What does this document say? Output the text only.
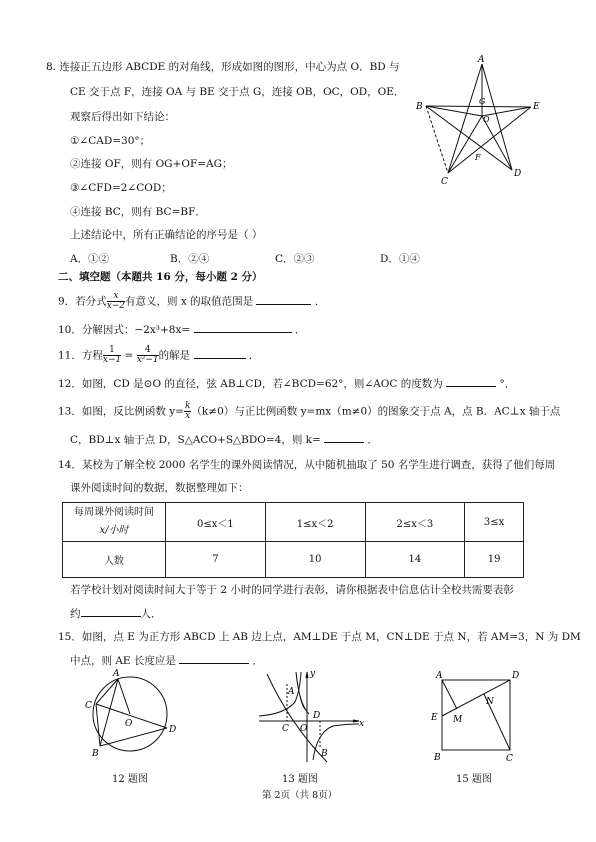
8. 连接正五边形 ABCDE 的对角线，形成如图的图形，中心为点 O．BD 与
CE 交于点 F，连接 OA 与 BE 交于点 G，连接 OB，OC，OD，OE．
观察后得出如下结论：
①∠CAD=30°；
②连接 OF，则有 OG+OF=AG；
③∠CFD=2∠COD；
④连接 BC，则有 BC=BF．
上述结论中，所有正确结论的序号是（ ）
A．①②	B．②④	C．②③	D．①④
A
E
B
C
D
G
O
F
二、填空题（本题共 16 分，每小题 2 分）
9．若分式 $\frac{x}{x-2}$ 有意义，则 x 的取值范围是	．
10．分解因式：−2x³+8x=	．
11．方程 $\frac{1}{x-1} = \frac{4}{\text{x²−1}}$ 的解是	．
12．如图，CD 是⊙O 的直径，弦 AB⊥CD，若∠BCD=62°，则∠AOC 的度数为	°．
13．如图，反比例函数 $y= \frac{k}{x} (k\ne 0)$与正比例函数 y=mx（m≠0）的图象交于点 A，点 B．AC⊥x 轴于点
C，BD⊥x 轴于点 D，S△ACO+S△BDO=4，则 k=	．
14．某校为了解全校 2000 名学生的课外阅读情况，从中随机抽取了 50 名学生进行调查，获得了他们每周
课外阅读时间的数据，数据整理如下：
每周课外阅读时间
x/小时	0≤x＜1	1≤x＜2	2≤x＜3	3≤x
人数	7	10	14	19
若学校计划对阅读时间大于等于 2 小时的同学进行表彰，请你根据表中信息估计全校共需要表彰
约	人．
15．如图，点 E 为正方形 ABCD 上 AB 边上点，AM⊥DE 于点 M，CN⊥DE 于点 N，若 AM=3，N 为 DM
中点，则 AE 长度应是	．
A
C
O
D
B
12 题图
y
x
A
C O
D
B
13 题图
A	D
E M
N
B	C
15 题图
第 2页（共 8页）
